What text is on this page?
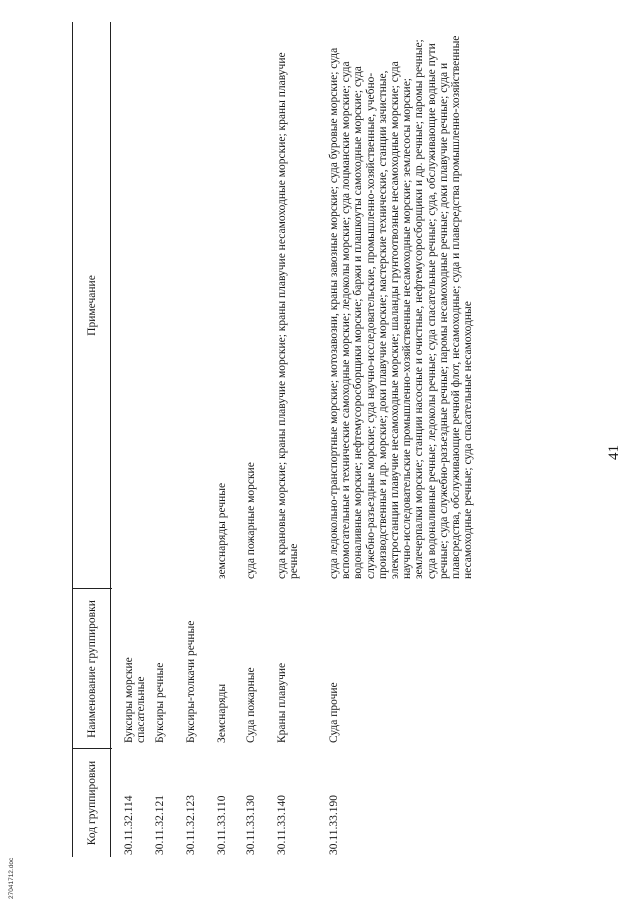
41
Код группировки
Наименование группировки
Примечание
30.11.32.114
Буксиры морские спасательные
30.11.32.121
Буксиры речные
30.11.32.123
Буксиры-толкачи речные
30.11.33.110
Земснаряды
земснаряды речные
30.11.33.130
Суда пожарные
суда пожарные морские
30.11.33.140
Краны плавучие
суда крановые морские; краны плавучие морские; краны плавучие несамоходные морские; краны плавучие речные
30.11.33.190
Суда прочие
суда ледокольно-транспортные морские; мотозавозни, краны завозные морские; суда буровые морские; суда вспомогательные и технические самоходные морские; ледоколы морские; суда лоцманские морские; суда водоналивные морские; нефтемусоросборщики морские; баржи и плашкоуты самоходные морские; суда служебно-разъездные морские; суда научно-исследовательские, промышленно-хозяйственные, учебно-производственные и др. морские; доки плавучие морские; мастерские технические, станции зачистные, электростанции плавучие несамоходные морские; шаланды грунтоотвозные несамоходные морские; суда научно-исследовательские промышленно-хозяйственные несамоходные морские; землесосы морские; землечерпалки морские; станции насосные и очистные, нефтемусоросборщики и др. речные; паромы речные; суда водоналивные речные; ледоколы речные; суда спасательные речные; суда, обслуживающие водные пути речные; суда служебно-разъездные речные; паромы несамоходные речные; доки плавучие речные; суда и плавсредства, обслуживающие речной флот, несамоходные; суда и плавсредства промышленно-хозяйственные несамоходные речные; суда спасательные несамоходные
27041712.doc
